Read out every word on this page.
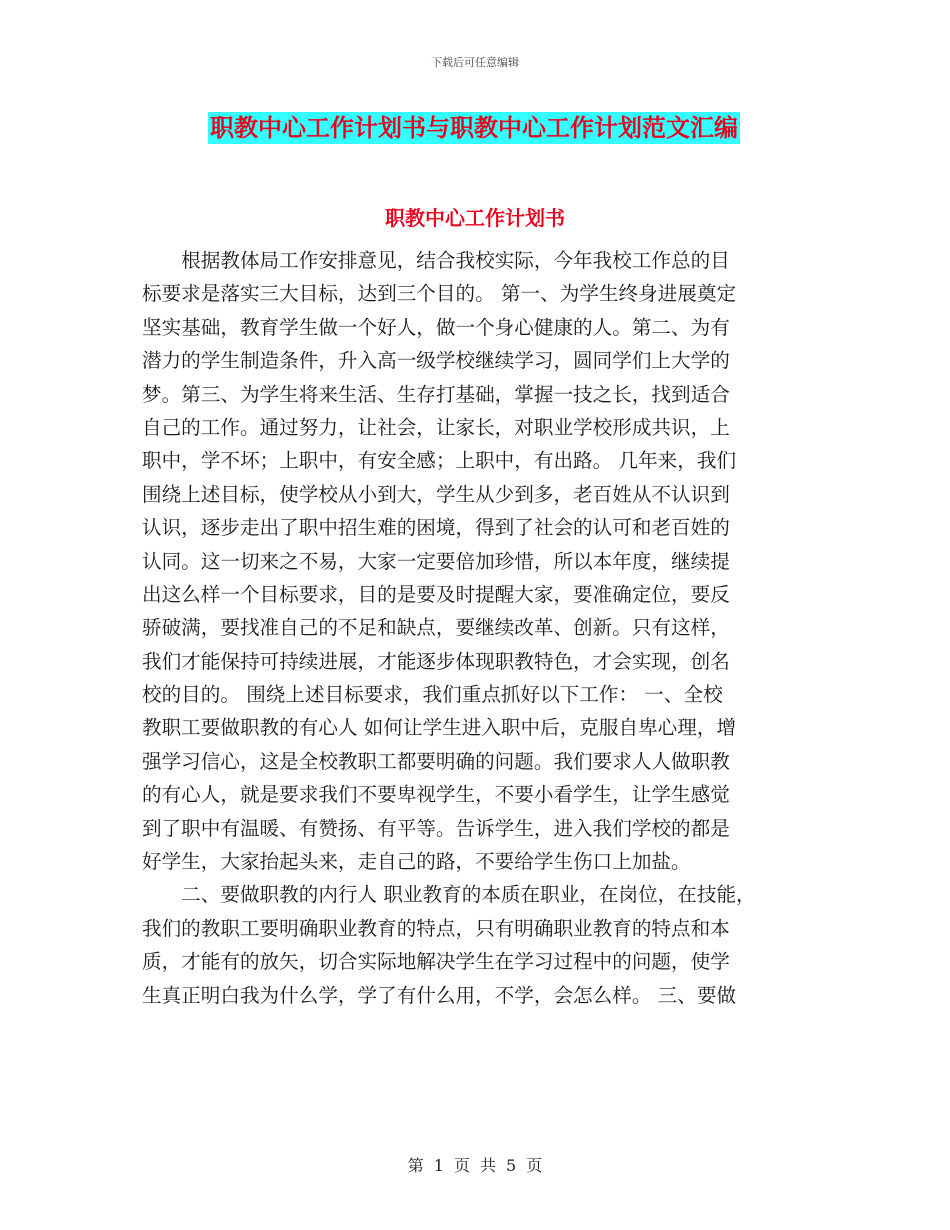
下载后可任意编辑
职教中心工作计划书与职教中心工作计划范文汇编
职教中心工作计划书
　　根据教体局工作安排意见，结合我校实际，今年我校工作总的目
标要求是落实三大目标，达到三个目的。 第一、为学生终身进展奠定
坚实基础，教育学生做一个好人，做一个身心健康的人。第二、为有
潜力的学生制造条件，升入高一级学校继续学习，圆同学们上大学的
梦。第三、为学生将来生活、生存打基础，掌握一技之长，找到适合
自己的工作。通过努力，让社会，让家长，对职业学校形成共识，上
职中，学不坏；上职中，有安全感；上职中，有出路。 几年来，我们
围绕上述目标，使学校从小到大，学生从少到多，老百姓从不认识到
认识，逐步走出了职中招生难的困境，得到了社会的认可和老百姓的
认同。这一切来之不易，大家一定要倍加珍惜，所以本年度，继续提
出这么样一个目标要求，目的是要及时提醒大家，要准确定位，要反
骄破满，要找准自己的不足和缺点，要继续改革、创新。只有这样，
我们才能保持可持续进展，才能逐步体现职教特色，才会实现，创名
校的目的。 围绕上述目标要求，我们重点抓好以下工作： 一、全校
教职工要做职教的有心人 如何让学生进入职中后，克服自卑心理，增
强学习信心，这是全校教职工都要明确的问题。我们要求人人做职教
的有心人，就是要求我们不要卑视学生，不要小看学生，让学生感觉
到了职中有温暖、有赞扬、有平等。告诉学生，进入我们学校的都是
好学生，大家抬起头来，走自己的路，不要给学生伤口上加盐。
　　二、要做职教的内行人 职业教育的本质在职业，在岗位，在技能，
我们的教职工要明确职业教育的特点，只有明确职业教育的特点和本
质，才能有的放矢，切合实际地解决学生在学习过程中的问题，使学
生真正明白我为什么学，学了有什么用，不学，会怎么样。 三、要做
第 1 页 共 5 页
